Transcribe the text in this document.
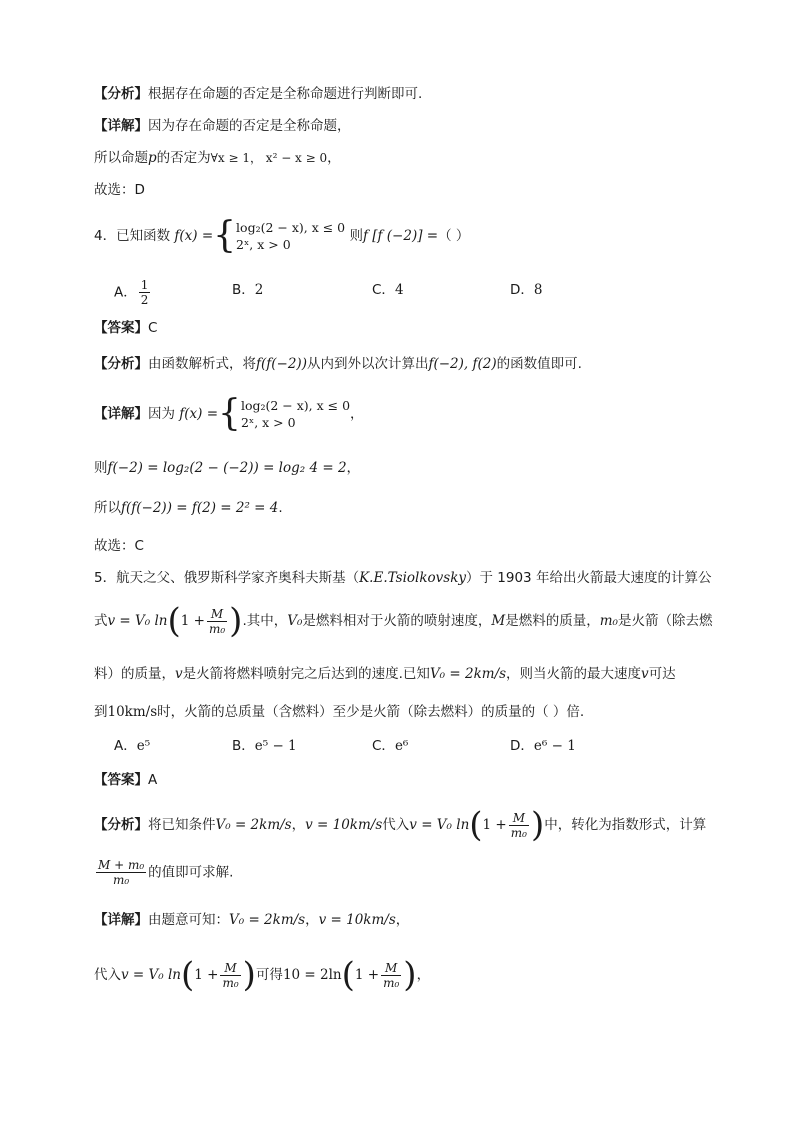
【分析】根据存在命题的否定是全称命题进行判断即可.
【详解】因为存在命题的否定是全称命题，
所以命题p的否定为∀x ≥ 1， x² − x ≥ 0，
故选：D
4．已知函数 f(x) ={ log₂(2 − x), x ≤ 0
2ˣ, x > 0
则f [f (−2)] =（ ）
A． $\frac{1}{2}$	B．2	C．4	D．8
【答案】C
【分析】由函数解析式，将f(f(−2))从内到外以次计算出f(−2), f(2)的函数值即可.
【详解】因为 f(x) ={ log₂(2 − x), x ≤ 0
2ˣ, x > 0
，
则f(−2) = log₂(2 − (−2)) = log₂ 4 = 2，
所以f(f(−2)) = f(2) = 2² = 4.
故选：C
5．航天之父、俄罗斯科学家齐奥科夫斯基（K.E.Tsiolkovsky）于 1903 年给出火箭最大速度的计算公
式v = V₀ $\ln(1 + \frac{M}{\text{m₀}}$ ).其中，V₀是燃料相对于火箭的喷射速度，M是燃料的质量，m₀是火箭（除去燃
料）的质量，v是火箭将燃料喷射完之后达到的速度.已知V₀ = 2km/s，则当火箭的最大速度v可达
到10km/s时，火箭的总质量（含燃料）至少是火箭（除去燃料）的质量的（ ）倍.
A．e⁵	B．e⁵ − 1	C．e⁶	D．e⁶ − 1
【答案】A
【分析】将已知条件V₀ = 2km/s，v = 10km/s代入v = V₀ $\ln(1 + \frac{M}{\text{m₀}}$ )中，转化为指数形式，计算
$\frac{\text{M + m₀}}{\text{m₀}}$ 的值即可求解.
【详解】由题意可知：V₀ = 2km/s，v = 10km/s，
代入v = V₀ $\ln(1 + \frac{M}{\text{m₀}}$ )可得$10 = 2\ln(1 + \frac{M}{\text{m₀}}$ )，
